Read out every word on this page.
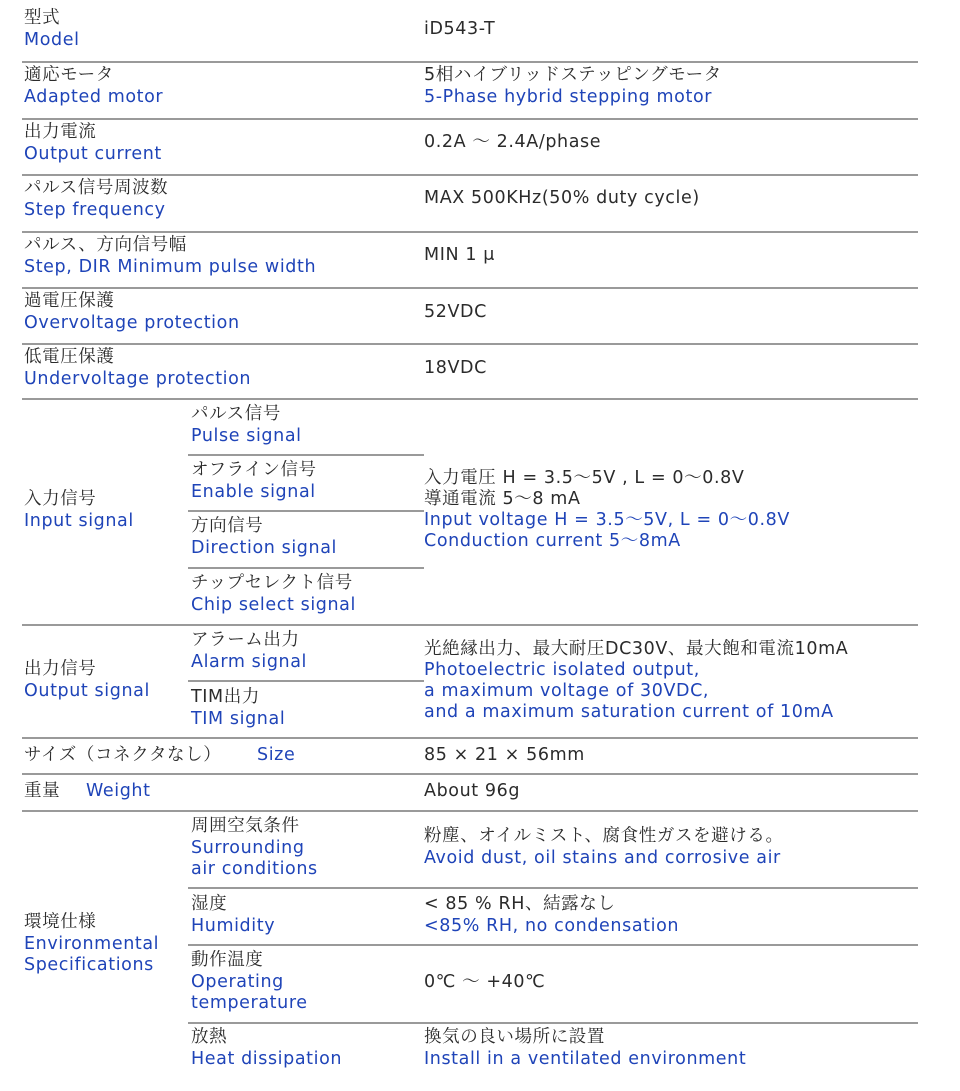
型式
Model
iD543-T
適応モータ
Adapted motor
5相ハイブリッドステッピングモータ
5-Phase hybrid stepping motor
出力電流
Output current
0.2A ～ 2.4A/phase
パルス信号周波数
Step frequency
MAX 500KHz(50% duty cycle)
パルス、方向信号幅
Step, DIR Minimum pulse width
MIN 1 μ
過電圧保護
Overvoltage protection
52VDC
低電圧保護
Undervoltage protection
18VDC
入力信号
Input signal
パルス信号
Pulse signal
オフライン信号
Enable signal
方向信号
Direction signal
チップセレクト信号
Chip select signal
入力電圧 H = 3.5～5V , L = 0～0.8V
導通電流 5～8 mA
Input voltage H = 3.5～5V, L = 0～0.8V
Conduction current 5～8mA
出力信号
Output signal
アラーム出力
Alarm signal
TIM出力
TIM signal
光絶縁出力、最大耐圧DC30V、最大飽和電流10mA
Photoelectric isolated output,
a maximum voltage of 30VDC,
and a maximum saturation current of 10mA
サイズ（コネクタなし） Size	85 × 21 × 56mm
重量 Weight	About 96g
環境仕様
Environmental
Specifications
周囲空気条件
Surrounding
air conditions
粉塵、オイルミスト、腐食性ガスを避ける。
Avoid dust, oil stains and corrosive air
湿度
Humidity
< 85 % RH、結露なし
<85% RH, no condensation
動作温度
Operating
temperature
0℃ ～ +40℃
放熱
Heat dissipation
換気の良い場所に設置
Install in a ventilated environment
